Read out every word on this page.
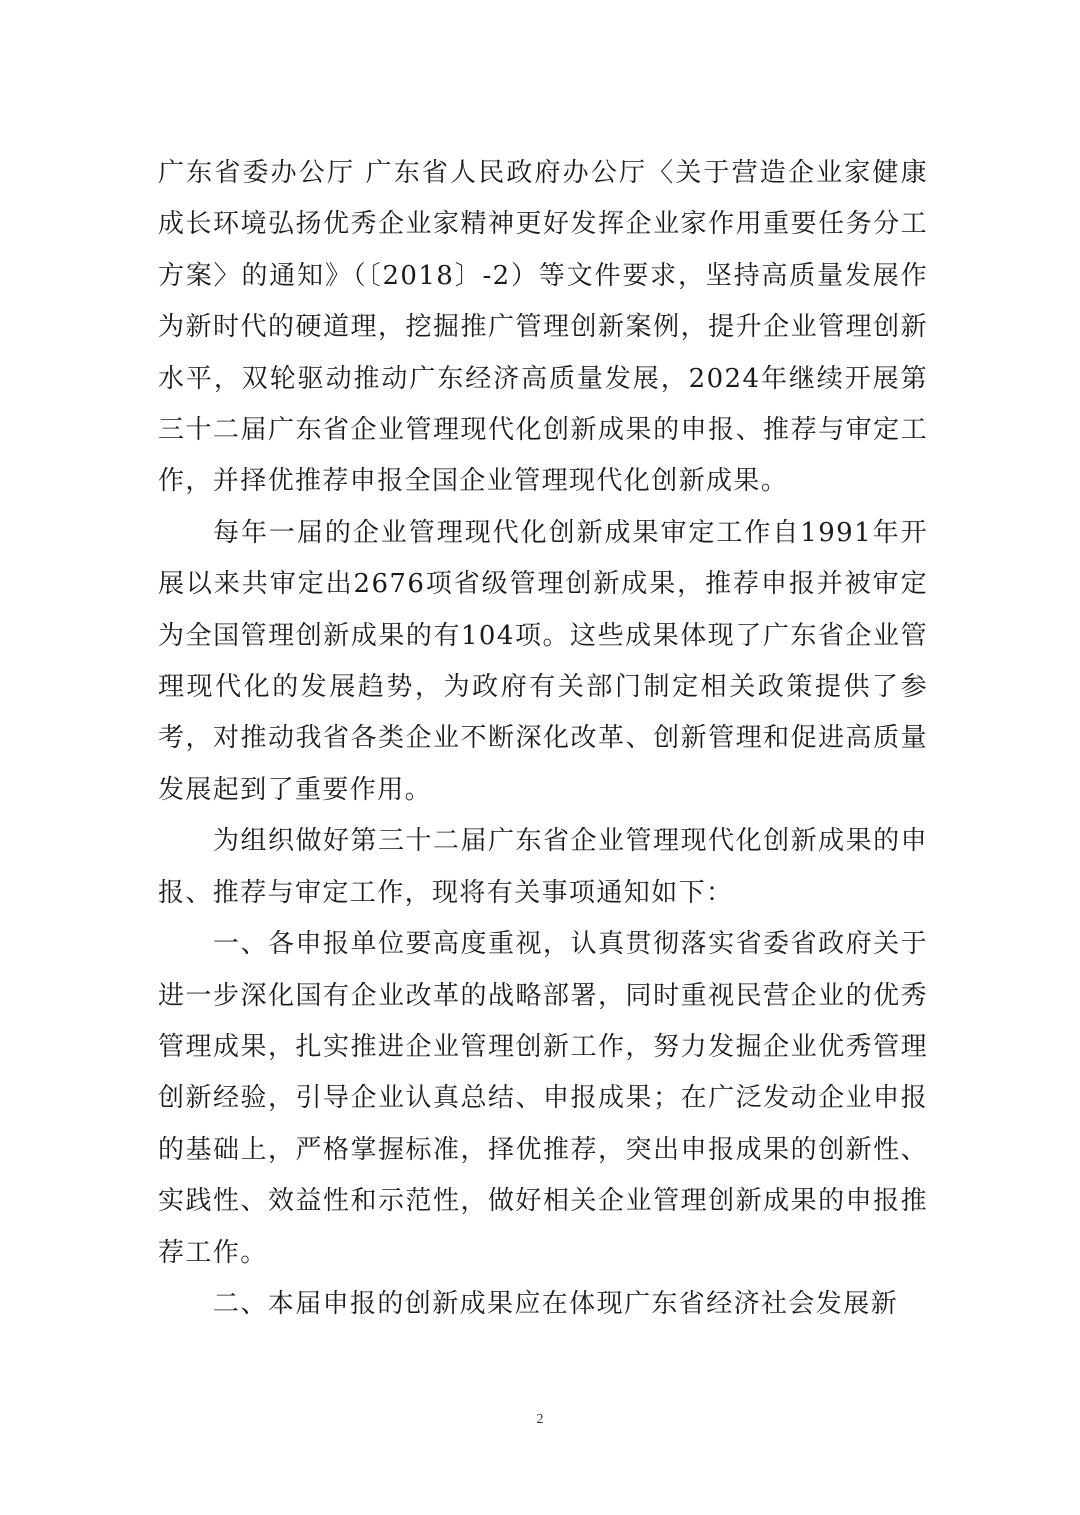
广东省委办公厅 广东省人民政府办公厅〈关于营造企业家健康成长环境弘扬优秀企业家精神更好发挥企业家作用重要任务分工方案〉的通知》（〔2018〕-2）等文件要求，坚持高质量发展作为新时代的硬道理，挖掘推广管理创新案例，提升企业管理创新水平，双轮驱动推动广东经济高质量发展，2024年继续开展第三十二届广东省企业管理现代化创新成果的申报、推荐与审定工作，并择优推荐申报全国企业管理现代化创新成果。

每年一届的企业管理现代化创新成果审定工作自1991年开展以来共审定出2676项省级管理创新成果，推荐申报并被审定为全国管理创新成果的有104项。这些成果体现了广东省企业管理现代化的发展趋势，为政府有关部门制定相关政策提供了参考，对推动我省各类企业不断深化改革、创新管理和促进高质量发展起到了重要作用。

为组织做好第三十二届广东省企业管理现代化创新成果的申报、推荐与审定工作，现将有关事项通知如下：

一、各申报单位要高度重视，认真贯彻落实省委省政府关于进一步深化国有企业改革的战略部署，同时重视民营企业的优秀管理成果，扎实推进企业管理创新工作，努力发掘企业优秀管理创新经验，引导企业认真总结、申报成果；在广泛发动企业申报的基础上，严格掌握标准，择优推荐，突出申报成果的创新性、实践性、效益性和示范性，做好相关企业管理创新成果的申报推荐工作。

二、本届申报的创新成果应在体现广东省经济社会发展新

2
